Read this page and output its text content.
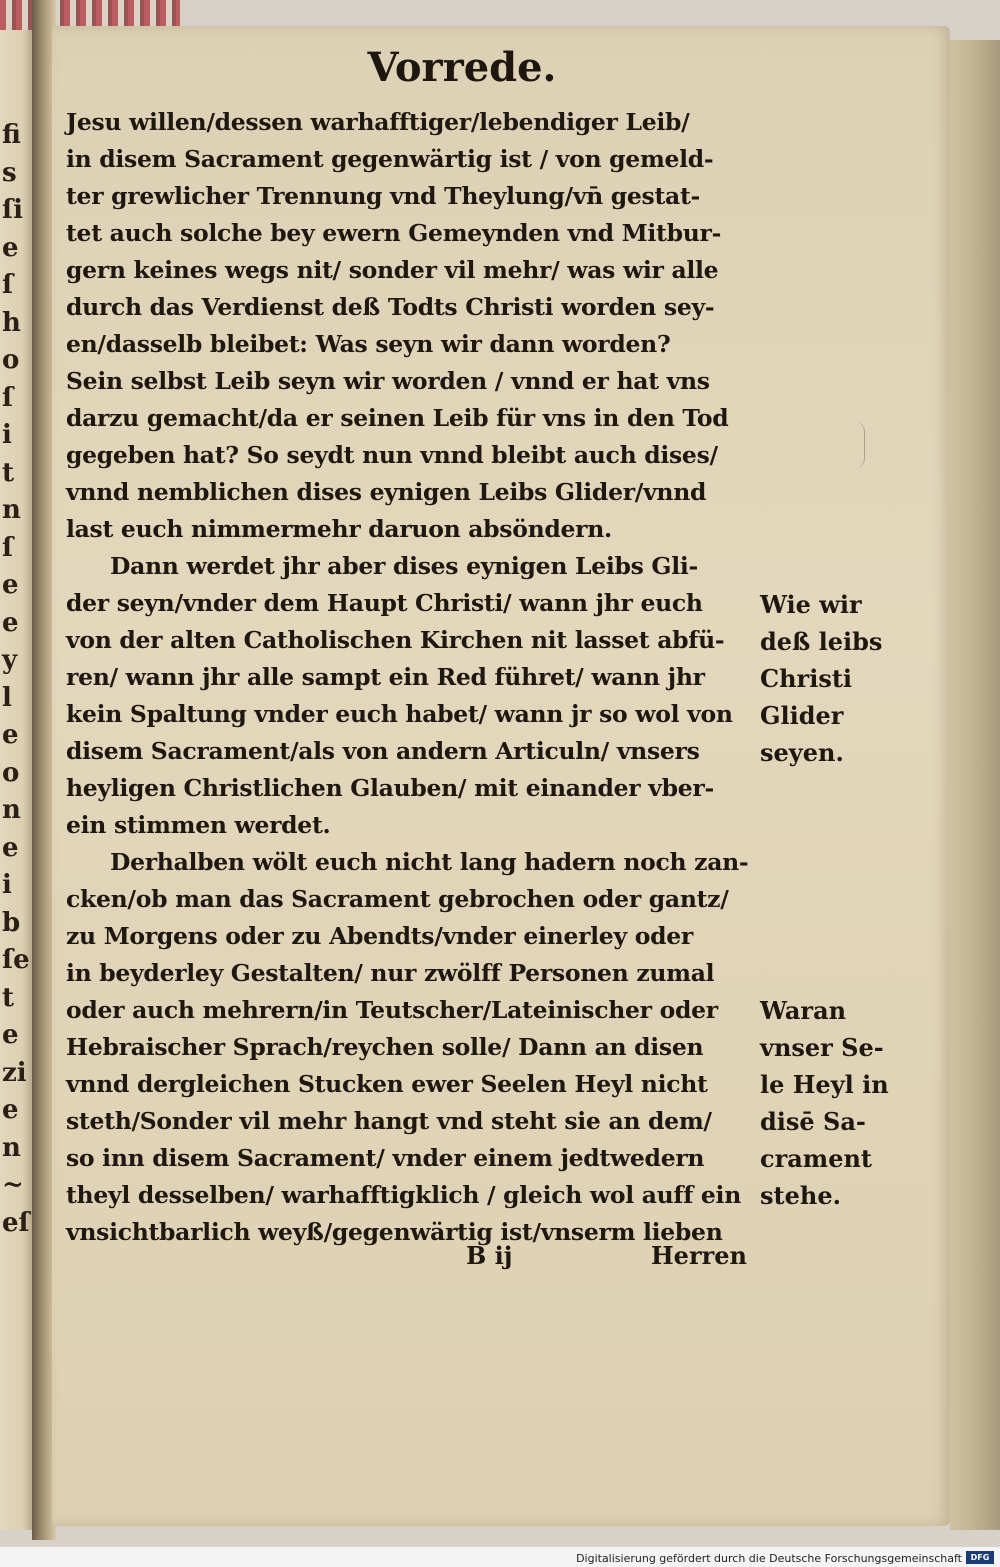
fi
s
ſi
e
ſ
h
o
ſ
i
t
n
ſ
e
e
y
l
e
o
n
e
i
b
ſe
t
e
zi
e
n
~
eſ
Vorrede.
Jesu willen/dessen warhafftiger/lebendiger Leib/
in disem Sacrament gegenwärtig ist / von gemeld-
ter grewlicher Trennung vnd Theylung/vn̄ gestat-
tet auch solche bey ewern Gemeynden vnd Mitbur-
gern keines wegs nit/ sonder vil mehr/ was wir alle
durch das Verdienst deß Todts Christi worden sey-
en/dasselb bleibet: Was seyn wir dann worden?
Sein selbst Leib seyn wir worden / vnnd er hat vns
darzu gemacht/da er seinen Leib für vns in den Tod
gegeben hat? So seydt nun vnnd bleibt auch dises/
vnnd nemblichen dises eynigen Leibs Glider/vnnd
last euch nimmermehr daruon absöndern.
Dann werdet jhr aber dises eynigen Leibs Gli-
der seyn/vnder dem Haupt Christi/ wann jhr euch
von der alten Catholischen Kirchen nit lasset abfü-
ren/ wann jhr alle sampt ein Red führet/ wann jhr
kein Spaltung vnder euch habet/ wann jr so wol von
disem Sacrament/als von andern Articuln/ vnsers
heyligen Christlichen Glauben/ mit einander vber-
ein stimmen werdet.
Derhalben wölt euch nicht lang hadern noch zan-
cken/ob man das Sacrament gebrochen oder gantz/
zu Morgens oder zu Abendts/vnder einerley oder
in beyderley Gestalten/ nur zwölff Personen zumal
oder auch mehrern/in Teutscher/Lateinischer oder
Hebraischer Sprach/reychen solle/ Dann an disen
vnnd dergleichen Stucken ewer Seelen Heyl nicht
steth/Sonder vil mehr hangt vnd steht sie an dem/
so inn disem Sacrament/ vnder einem jedtwedern
theyl desselben/ warhafftigklich / gleich wol auff ein
vnsichtbarlich weyß/gegenwärtig ist/vnserm lieben
Wie wir
deß leibs
Christi
Glider
seyen.
Waran
vnser Se-
le Heyl in
disē Sa-
crament
stehe.
B ij	Herren
Digitalisierung gefördert durch die Deutsche Forschungsgemeinschaft	DFG
